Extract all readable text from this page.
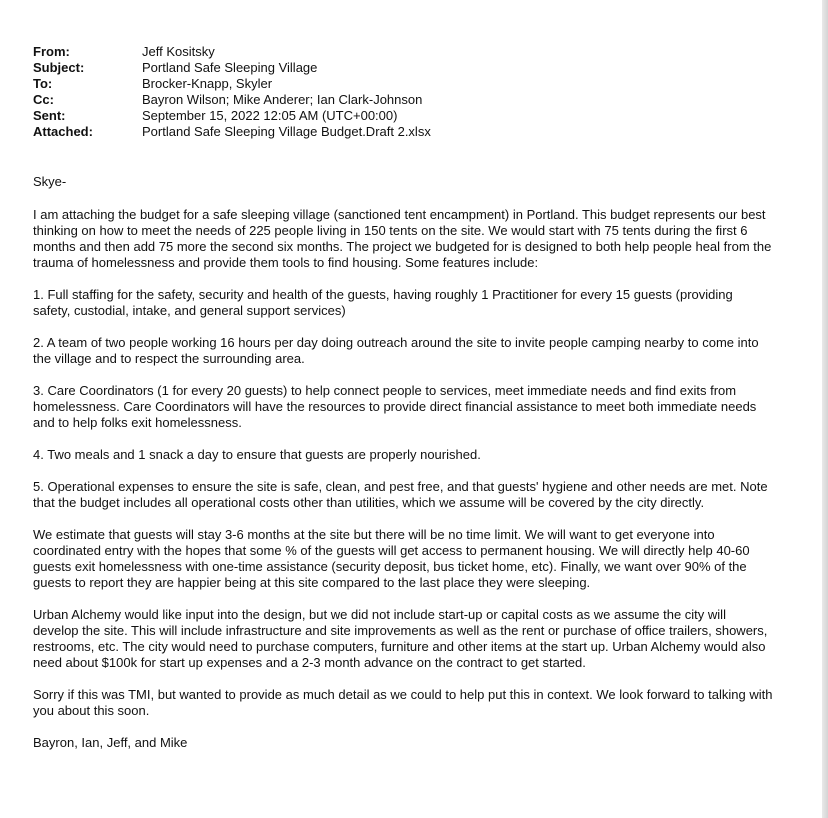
From:	Jeff Kositsky
Subject:	Portland Safe Sleeping Village
To:	Brocker-Knapp, Skyler
Cc:	Bayron Wilson; Mike Anderer; Ian Clark-Johnson
Sent:	September 15, 2022 12:05 AM (UTC+00:00)
Attached:	Portland Safe Sleeping Village Budget.Draft 2.xlsx

Skye-

I am attaching the budget for a safe sleeping village (sanctioned tent encampment) in Portland. This budget represents our best thinking on how to meet the needs of 225 people living in 150 tents on the site. We would start with 75 tents during the first 6 months and then add 75 more the second six months. The project we budgeted for is designed to both help people heal from the trauma of homelessness and provide them tools to find housing. Some features include:

1. Full staffing for the safety, security and health of the guests, having roughly 1 Practitioner for every 15 guests (providing safety, custodial, intake, and general support services)

2. A team of two people working 16 hours per day doing outreach around the site to invite people camping nearby to come into the village and to respect the surrounding area.

3. Care Coordinators (1 for every 20 guests) to help connect people to services, meet immediate needs and find exits from homelessness. Care Coordinators will have the resources to provide direct financial assistance to meet both immediate needs and to help folks exit homelessness.

4. Two meals and 1 snack a day to ensure that guests are properly nourished.

5. Operational expenses to ensure the site is safe, clean, and pest free, and that guests' hygiene and other needs are met. Note that the budget includes all operational costs other than utilities, which we assume will be covered by the city directly.

We estimate that guests will stay 3-6 months at the site but there will be no time limit. We will want to get everyone into coordinated entry with the hopes that some % of the guests will get access to permanent housing. We will directly help 40-60 guests exit homelessness with one-time assistance (security deposit, bus ticket home, etc). Finally, we want over 90% of the guests to report they are happier being at this site compared to the last place they were sleeping.

Urban Alchemy would like input into the design, but we did not include start-up or capital costs as we assume the city will develop the site. This will include infrastructure and site improvements as well as the rent or purchase of office trailers, showers, restrooms, etc. The city would need to purchase computers, furniture and other items at the start up. Urban Alchemy would also need about $100k for start up expenses and a 2-3 month advance on the contract to get started.

Sorry if this was TMI, but wanted to provide as much detail as we could to help put this in context. We look forward to talking with you about this soon.

Bayron, Ian, Jeff, and Mike
